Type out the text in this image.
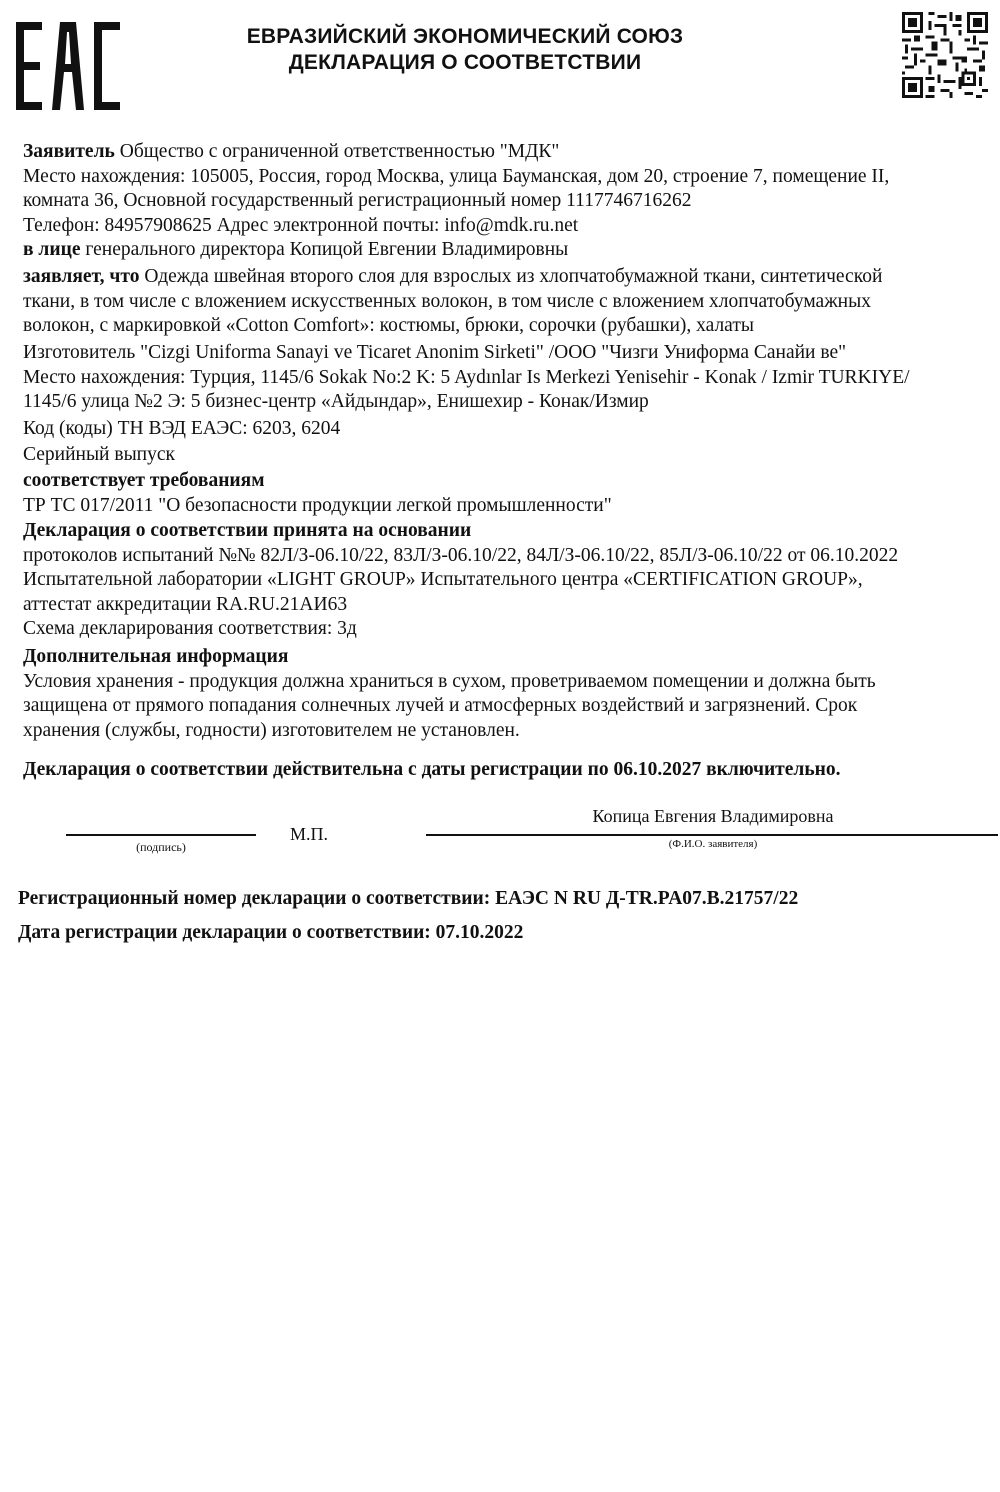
ЕВРАЗИЙСКИЙ ЭКОНОМИЧЕСКИЙ СОЮЗ
ДЕКЛАРАЦИЯ О СООТВЕТСТВИИ
Заявитель Общество с ограниченной ответственностью "МДК"
Место нахождения: 105005, Россия, город Москва, улица Бауманская, дом 20, строение 7, помещение II,
комната 36, Основной государственный регистрационный номер 1117746716262
Телефон: 84957908625 Адрес электронной почты: info@mdk.ru.net
в лице генерального директора Копицой Евгении Владимировны
заявляет, что Одежда швейная второго слоя для взрослых из хлопчатобумажной ткани, синтетической
ткани, в том числе с вложением искусственных волокон, в том числе с вложением хлопчатобумажных
волокон, с маркировкой «Cotton Comfort»: костюмы, брюки, сорочки (рубашки), халаты
Изготовитель "Cizgi Uniforma Sanayi ve Ticaret Anonim Sirketi" /ООО "Чизги Униформа Санайи ве"
Место нахождения: Турция, 1145/6 Sokak No:2 K: 5 Aydınlar Is Merkezi Yenisehir - Konak / Izmir TURKIYE/
1145/6 улица №2 Э: 5 бизнес-центр «Айдындар», Енишехир - Конак/Измир
Код (коды) ТН ВЭД ЕАЭС: 6203, 6204
Серийный выпуск
соответствует требованиям
ТР ТС 017/2011 "О безопасности продукции легкой промышленности"
Декларация о соответствии принята на основании
протоколов испытаний №№ 82Л/З-06.10/22, 83Л/З-06.10/22, 84Л/З-06.10/22, 85Л/З-06.10/22 от 06.10.2022
Испытательной лаборатории «LIGHT GROUP» Испытательного центра «CERTIFICATION GROUP»,
аттестат аккредитации RA.RU.21АИ63
Схема декларирования соответствия: 3д
Дополнительная информация
Условия хранения - продукция должна храниться в сухом, проветриваемом помещении и должна быть
защищена от прямого попадания солнечных лучей и атмосферных воздействий и загрязнений. Срок
хранения (службы, годности) изготовителем не установлен.
Декларация о соответствии действительна с даты регистрации по 06.10.2027 включительно.
(подпись)
М.П.
Копица Евгения Владимировна
(Ф.И.О. заявителя)
Регистрационный номер декларации о соответствии: ЕАЭС N RU Д-TR.PA07.B.21757/22
Дата регистрации декларации о соответствии: 07.10.2022
